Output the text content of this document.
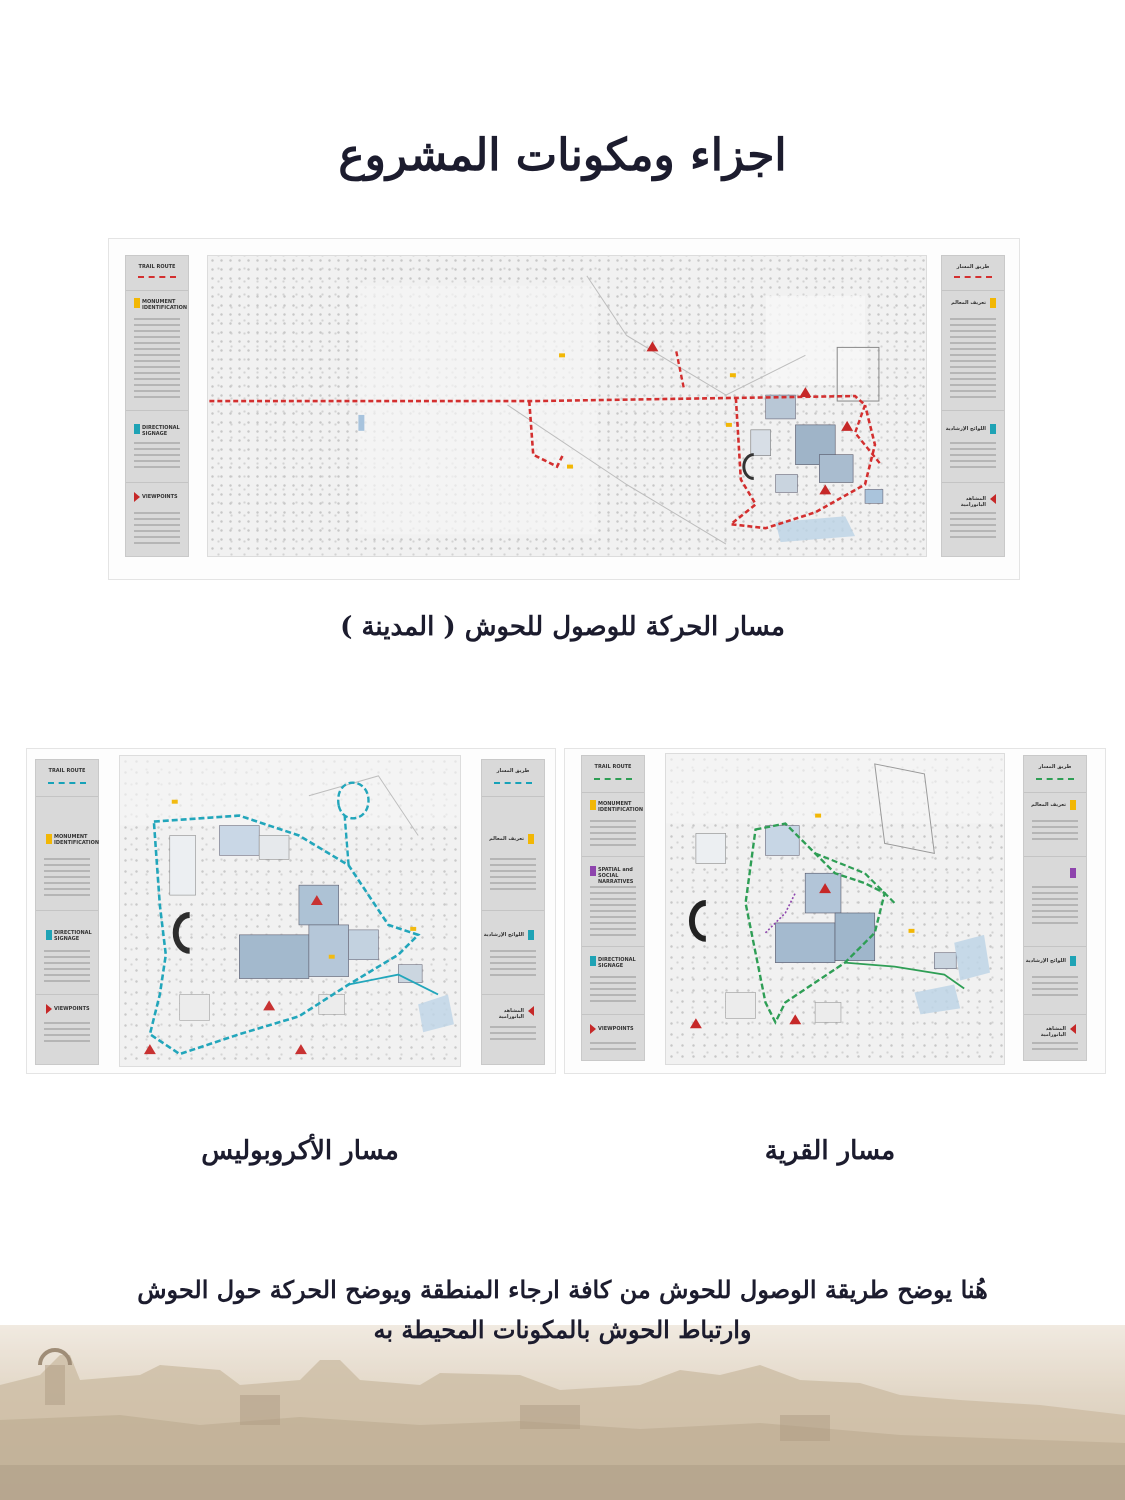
اجزاء ومكونات المشروع
TRAIL ROUTE
MONUMENT IDENTIFICATION
DIRECTIONAL SIGNAGE
VIEWPOINTS
طريق المسار
تعريف المعالم
اللوائح الإرشادية
المشاهد البانورامية
مسار الحركة للوصول للحوش ( المدينة )
TRAIL ROUTE
MONUMENT IDENTIFICATION
DIRECTIONAL SIGNAGE
VIEWPOINTS
طريق المسار
تعريف المعالم
اللوائح الإرشادية
المشاهد البانورامية
TRAIL ROUTE
MONUMENT IDENTIFICATION
SPATIAL and SOCIAL NARRATIVES
DIRECTIONAL SIGNAGE
VIEWPOINTS
طريق المسار
تعريف المعالم
اللوائح الإرشادية
المشاهد البانورامية
مسار الأكروبوليس	مسار القرية
هُنا يوضح طريقة الوصول للحوش من كافة ارجاء المنطقة ويوضح الحركة حول الحوش
وارتباط الحوش بالمكونات المحيطة به
